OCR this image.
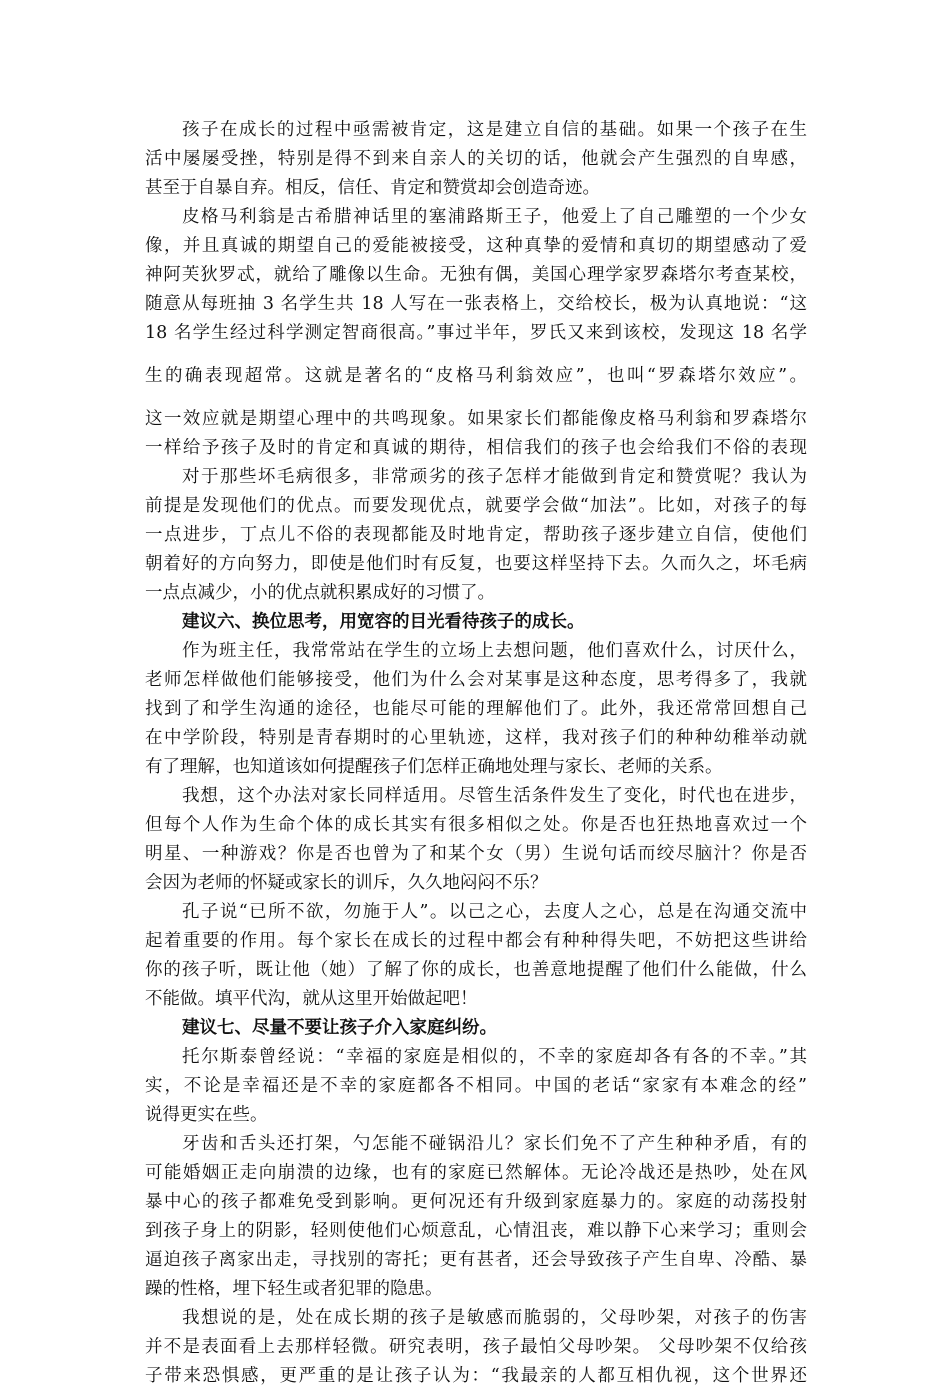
孩子在成长的过程中亟需被肯定，这是建立自信的基础。如果一个孩子在生
活中屡屡受挫，特别是得不到来自亲人的关切的话，他就会产生强烈的自卑感，
甚至于自暴自弃。相反，信任、肯定和赞赏却会创造奇迹。
皮格马利翁是古希腊神话里的塞浦路斯王子，他爱上了自己雕塑的一个少女
像，并且真诚的期望自己的爱能被接受，这种真挚的爱情和真切的期望感动了爱
神阿芙狄罗忒，就给了雕像以生命。无独有偶，美国心理学家罗森塔尔考查某校，
随意从每班抽 3 名学生共 18 人写在一张表格上，交给校长，极为认真地说：“这
18 名学生经过科学测定智商很高。”事过半年，罗氏又来到该校，发现这 18 名学
生的确表现超常。这就是著名的“皮格马利翁效应”，也叫“罗森塔尔效应”。
这一效应就是期望心理中的共鸣现象。如果家长们都能像皮格马利翁和罗森塔尔
一样给予孩子及时的肯定和真诚的期待，相信我们的孩子也会给我们不俗的表现
对于那些坏毛病很多，非常顽劣的孩子怎样才能做到肯定和赞赏呢？我认为
前提是发现他们的优点。而要发现优点，就要学会做“加法”。比如，对孩子的每
一点进步，丁点儿不俗的表现都能及时地肯定，帮助孩子逐步建立自信，使他们
朝着好的方向努力，即使是他们时有反复，也要这样坚持下去。久而久之，坏毛病
一点点减少，小的优点就积累成好的习惯了。
建议六、换位思考，用宽容的目光看待孩子的成长。
作为班主任，我常常站在学生的立场上去想问题，他们喜欢什么，讨厌什么，
老师怎样做他们能够接受，他们为什么会对某事是这种态度，思考得多了，我就
找到了和学生沟通的途径，也能尽可能的理解他们了。此外，我还常常回想自己
在中学阶段，特别是青春期时的心里轨迹，这样，我对孩子们的种种幼稚举动就
有了理解，也知道该如何提醒孩子们怎样正确地处理与家长、老师的关系。
我想，这个办法对家长同样适用。尽管生活条件发生了变化，时代也在进步，
但每个人作为生命个体的成长其实有很多相似之处。你是否也狂热地喜欢过一个
明星、一种游戏？你是否也曾为了和某个女（男）生说句话而绞尽脑汁？你是否
会因为老师的怀疑或家长的训斥，久久地闷闷不乐？
孔子说“已所不欲，勿施于人”。以己之心，去度人之心，总是在沟通交流中
起着重要的作用。每个家长在成长的过程中都会有种种得失吧，不妨把这些讲给
你的孩子听，既让他（她）了解了你的成长，也善意地提醒了他们什么能做，什么
不能做。填平代沟，就从这里开始做起吧！
建议七、尽量不要让孩子介入家庭纠纷。
托尔斯泰曾经说：“幸福的家庭是相似的，不幸的家庭却各有各的不幸。”其
实，不论是幸福还是不幸的家庭都各不相同。中国的老话“家家有本难念的经”
说得更实在些。
牙齿和舌头还打架，勺怎能不碰锅沿儿？家长们免不了产生种种矛盾，有的
可能婚姻正走向崩溃的边缘，也有的家庭已然解体。无论冷战还是热吵，处在风
暴中心的孩子都难免受到影响。更何况还有升级到家庭暴力的。家庭的动荡投射
到孩子身上的阴影，轻则使他们心烦意乱，心情沮丧，难以静下心来学习；重则会
逼迫孩子离家出走，寻找别的寄托；更有甚者，还会导致孩子产生自卑、冷酷、暴
躁的性格，埋下轻生或者犯罪的隐患。
我想说的是，处在成长期的孩子是敏感而脆弱的，父母吵架，对孩子的伤害
并不是表面看上去那样轻微。研究表明，孩子最怕父母吵架。 父母吵架不仅给孩
子带来恐惧感，更严重的是让孩子认为：“我最亲的人都互相仇视，这个世界还
